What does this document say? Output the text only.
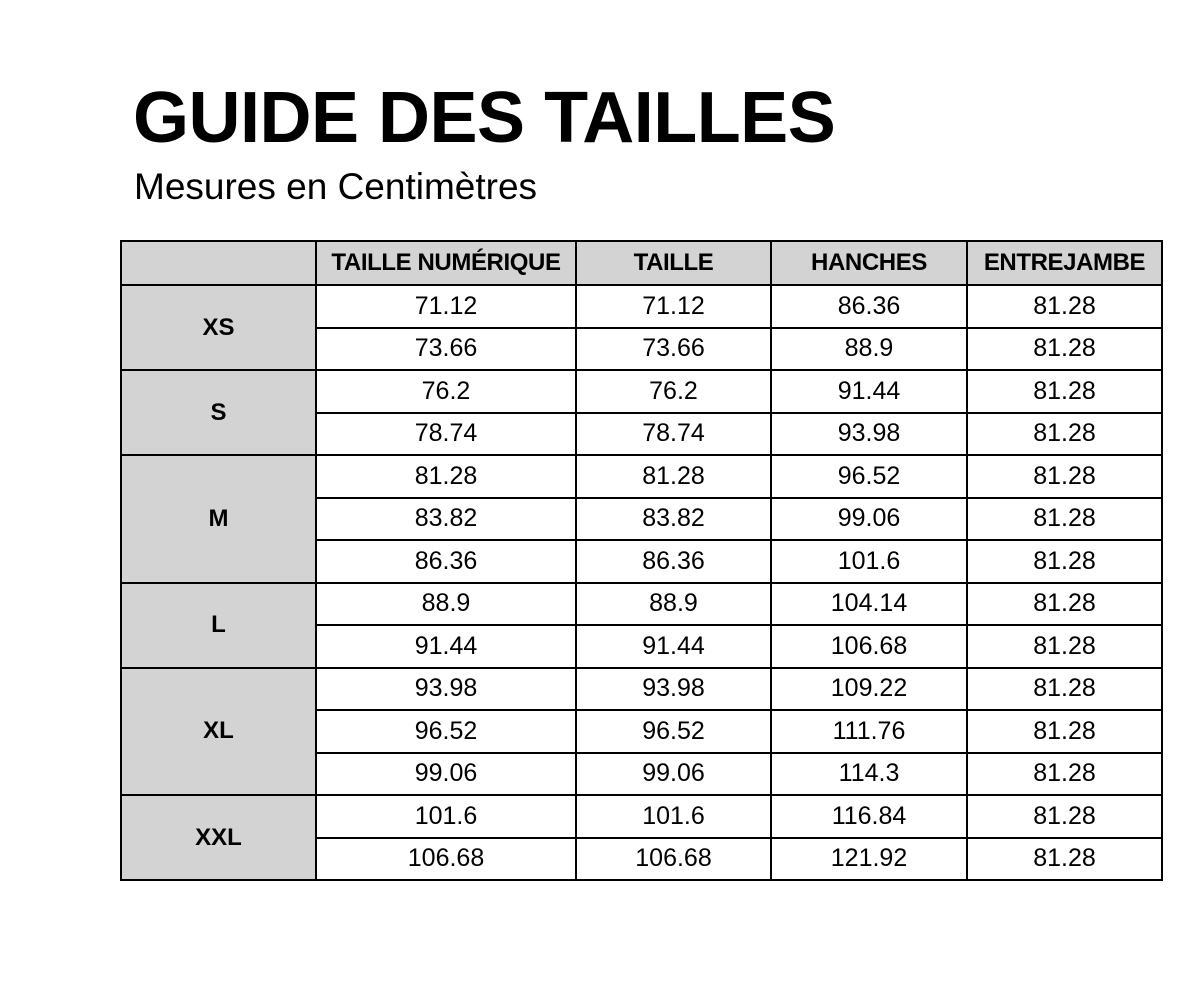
GUIDE DES TAILLES
Mesures en Centimètres
	TAILLE NUMÉRIQUE	TAILLE	HANCHES	ENTREJAMBE
XS	71.12	71.12	86.36	81.28
	73.66	73.66	88.9	81.28
S	76.2	76.2	91.44	81.28
	78.74	78.74	93.98	81.28
M	81.28	81.28	96.52	81.28
	83.82	83.82	99.06	81.28
	86.36	86.36	101.6	81.28
L	88.9	88.9	104.14	81.28
	91.44	91.44	106.68	81.28
XL	93.98	93.98	109.22	81.28
	96.52	96.52	111.76	81.28
	99.06	99.06	114.3	81.28
XXL	101.6	101.6	116.84	81.28
	106.68	106.68	121.92	81.28
